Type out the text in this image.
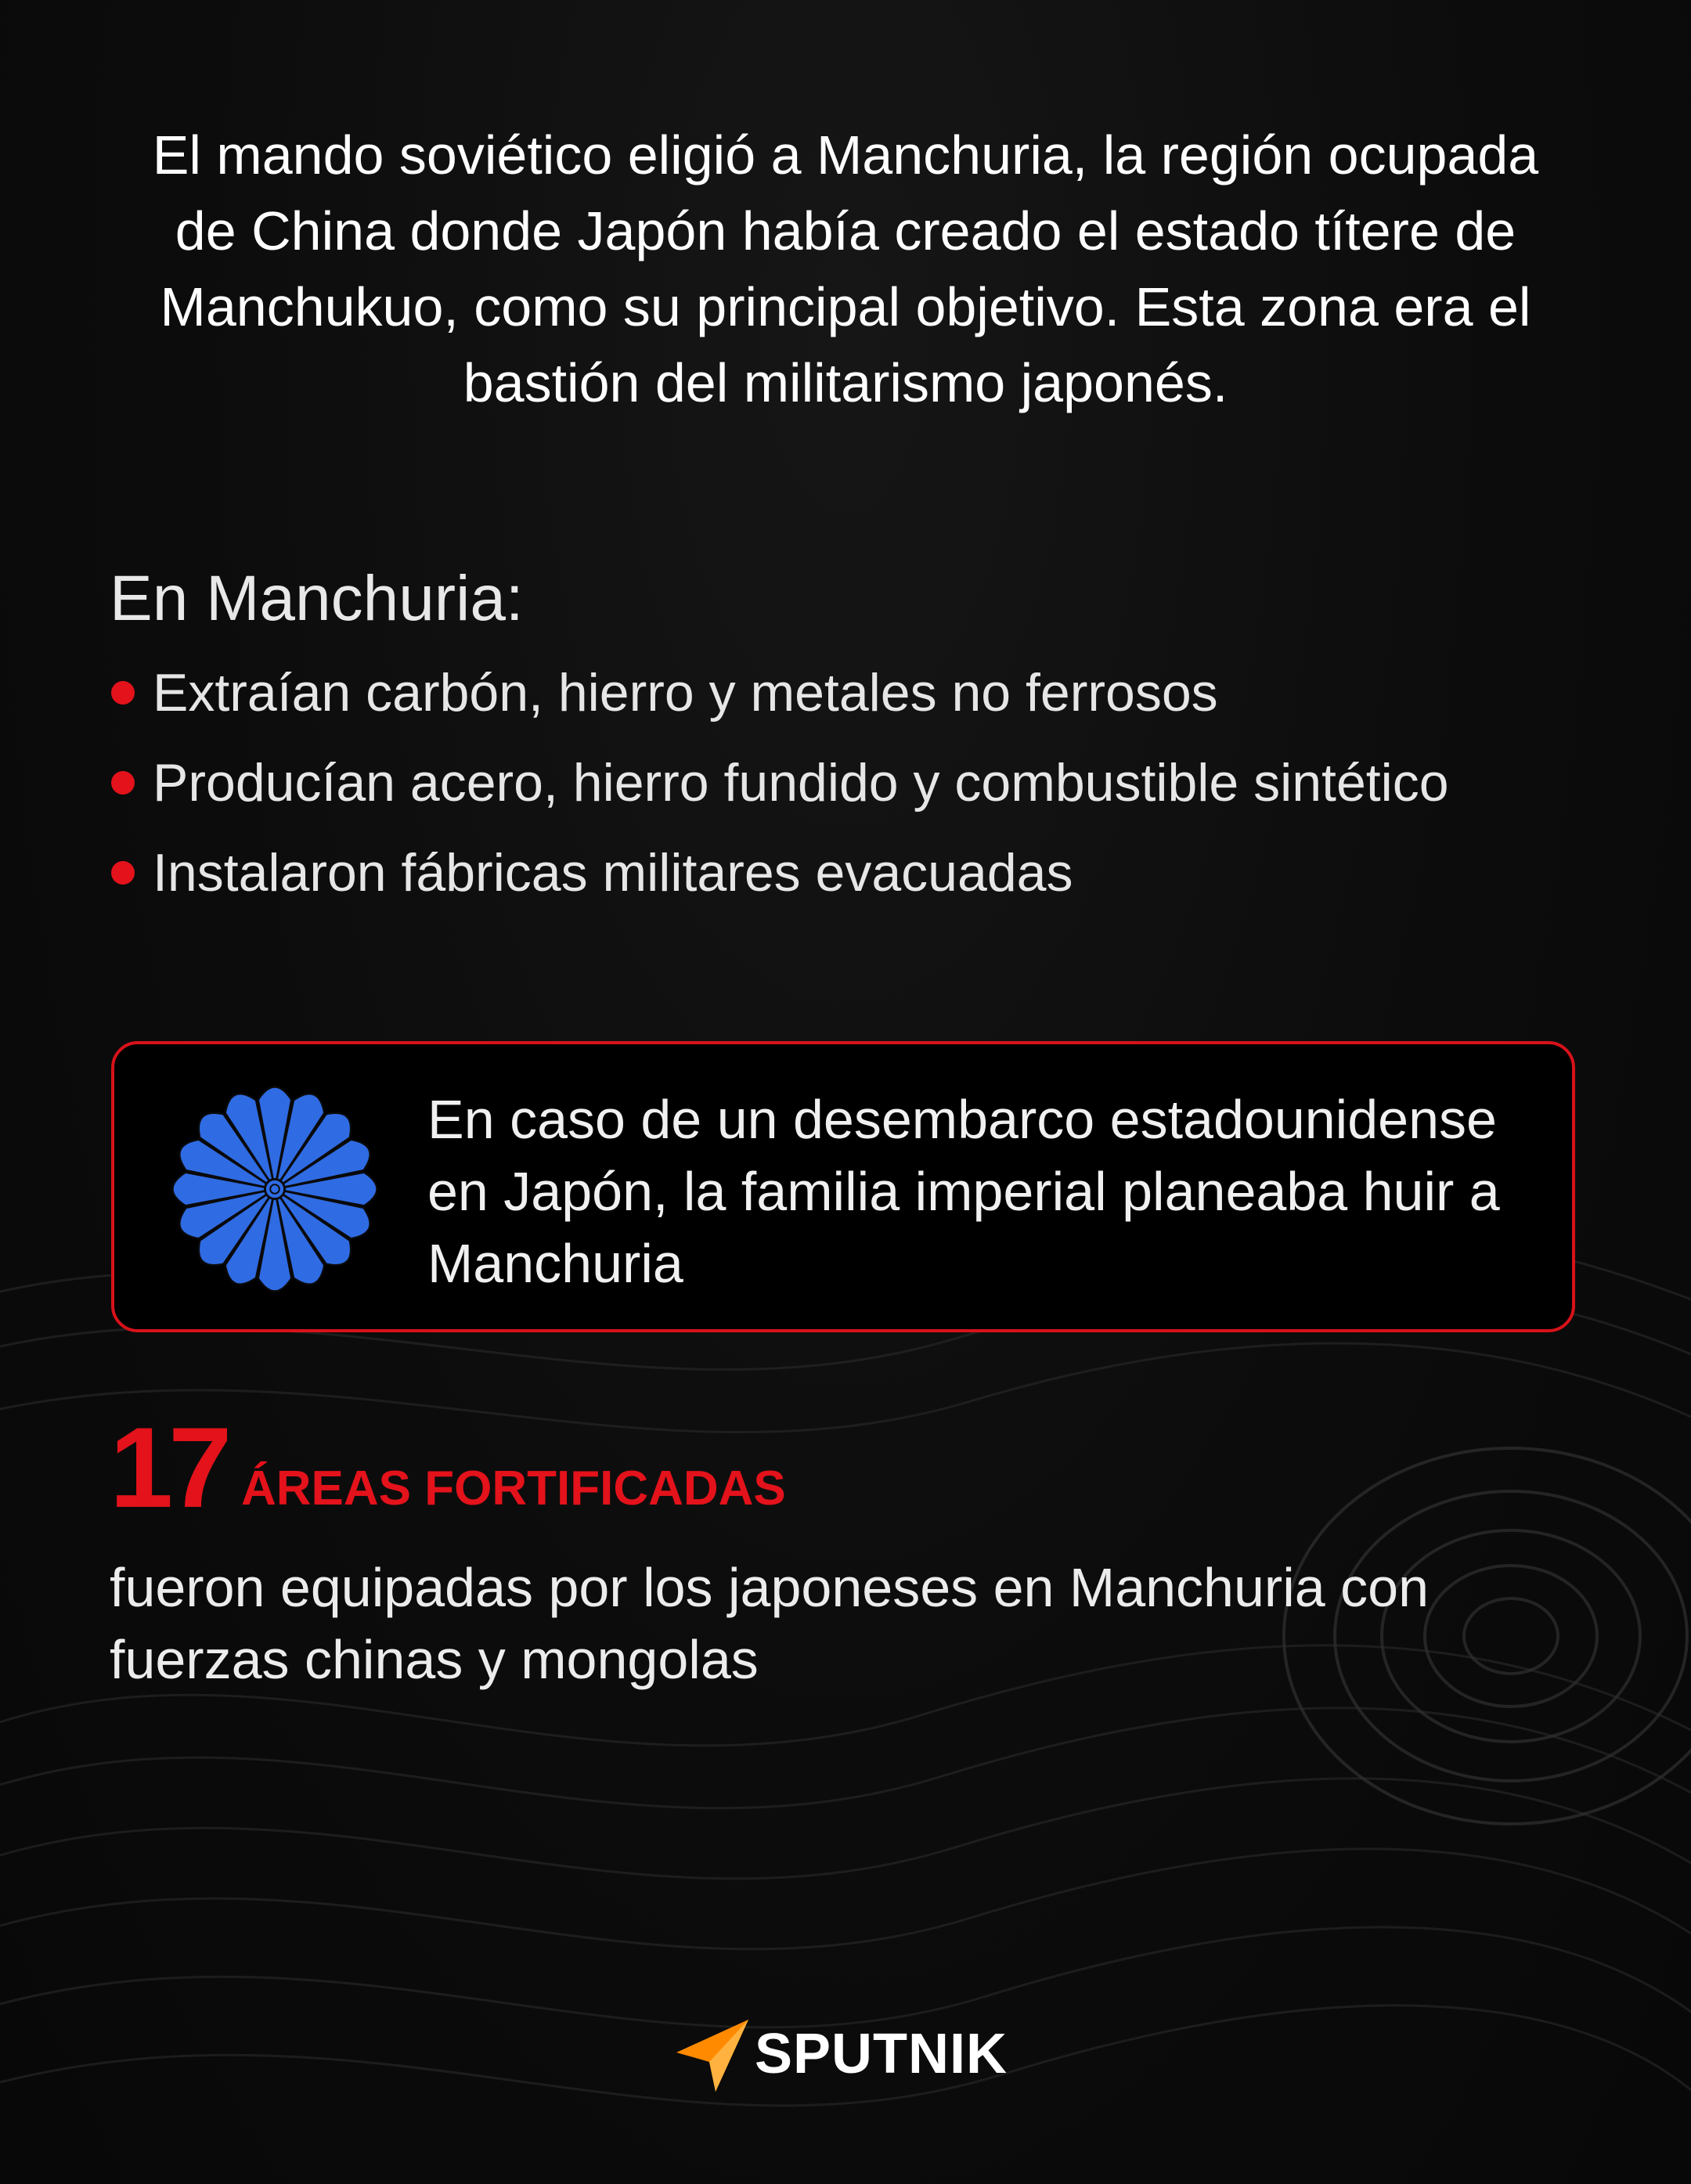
El mando soviético eligió a Manchuria, la región ocupada de China donde Japón había creado el estado títere de Manchukuo, como su principal objetivo. Esta zona era el bastión del militarismo japonés.
En Manchuria:
Extraían carbón, hierro y metales no ferrosos
Producían acero, hierro fundido y combustible sintético
Instalaron fábricas militares evacuadas
En caso de un desembarco estadounidense en Japón, la familia imperial planeaba huir a Manchuria
17 ÁREAS FORTIFICADAS
fueron equipadas por los japoneses en Manchuria con fuerzas chinas y mongolas
SPUTNIK
